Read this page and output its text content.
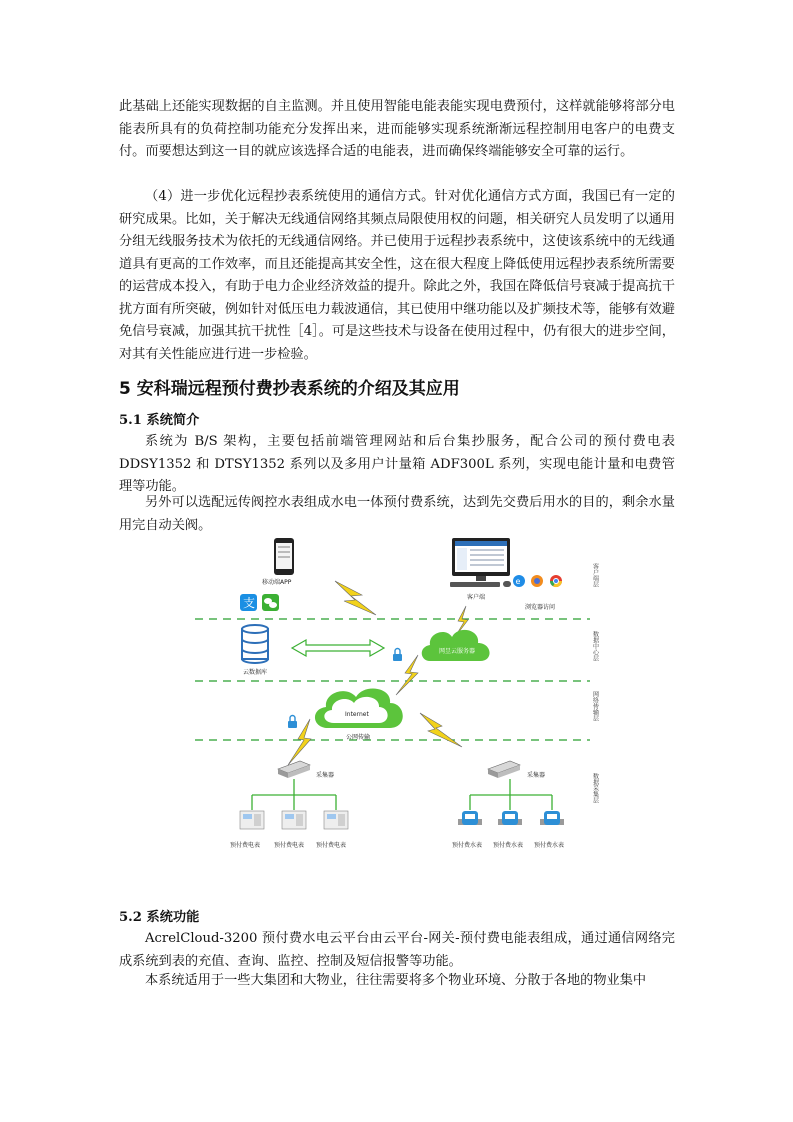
此基础上还能实现数据的自主监测。并且使用智能电能表能实现电费预付，这样就能够将部分电能表所具有的负荷控制功能充分发挥出来，进而能够实现系统渐渐远程控制用电客户的电费支付。而要想达到这一目的就应该选择合适的电能表，进而确保终端能够安全可靠的运行。

（4）进一步优化远程抄表系统使用的通信方式。针对优化通信方式方面，我国已有一定的研究成果。比如，关于解决无线通信网络其频点局限使用权的问题，相关研究人员发明了以通用分组无线服务技术为依托的无线通信网络。并已使用于远程抄表系统中，这使该系统中的无线通道具有更高的工作效率，而且还能提高其安全性，这在很大程度上降低使用远程抄表系统所需要的运营成本投入，有助于电力企业经济效益的提升。除此之外，我国在降低信号衰减于提高抗干扰方面有所突破，例如针对低压电力载波通信，其已使用中继功能以及扩频技术等，能够有效避免信号衰减，加强其抗干扰性［4］。可是这些技术与设备在使用过程中，仍有很大的进步空间，对其有关性能应进行进一步检验。

5 安科瑞远程预付费抄表系统的介绍及其应用
5.1 系统简介

系统为 B/S 架构，主要包括前端管理网站和后台集抄服务，配合公司的预付费电表 DDSY1352 和 DTSY1352 系列以及多用户计量箱 ADF300L 系列，实现电能计量和电费管理等功能。

另外可以选配远传阀控水表组成水电一体预付费系统，达到先交费后用水的目的，剩余水量用完自动关阀。

客户端层
数据中心层
网络传输层
数据采集层
移动端APP
支	客户端
e
浏览器访问
云数据库
网昱云服务器
Internet
公网传输
采集器	采集器
预付费电表 预付费电表 预付费电表	预付费水表 预付费水表 预付费水表
5.2 系统功能

AcrelCloud-3200 预付费水电云平台由云平台-网关-预付费电能表组成，通过通信网络完成系统到表的充值、查询、监控、控制及短信报警等功能。

本系统适用于一些大集团和大物业，往往需要将多个物业环境、分散于各地的物业集中
